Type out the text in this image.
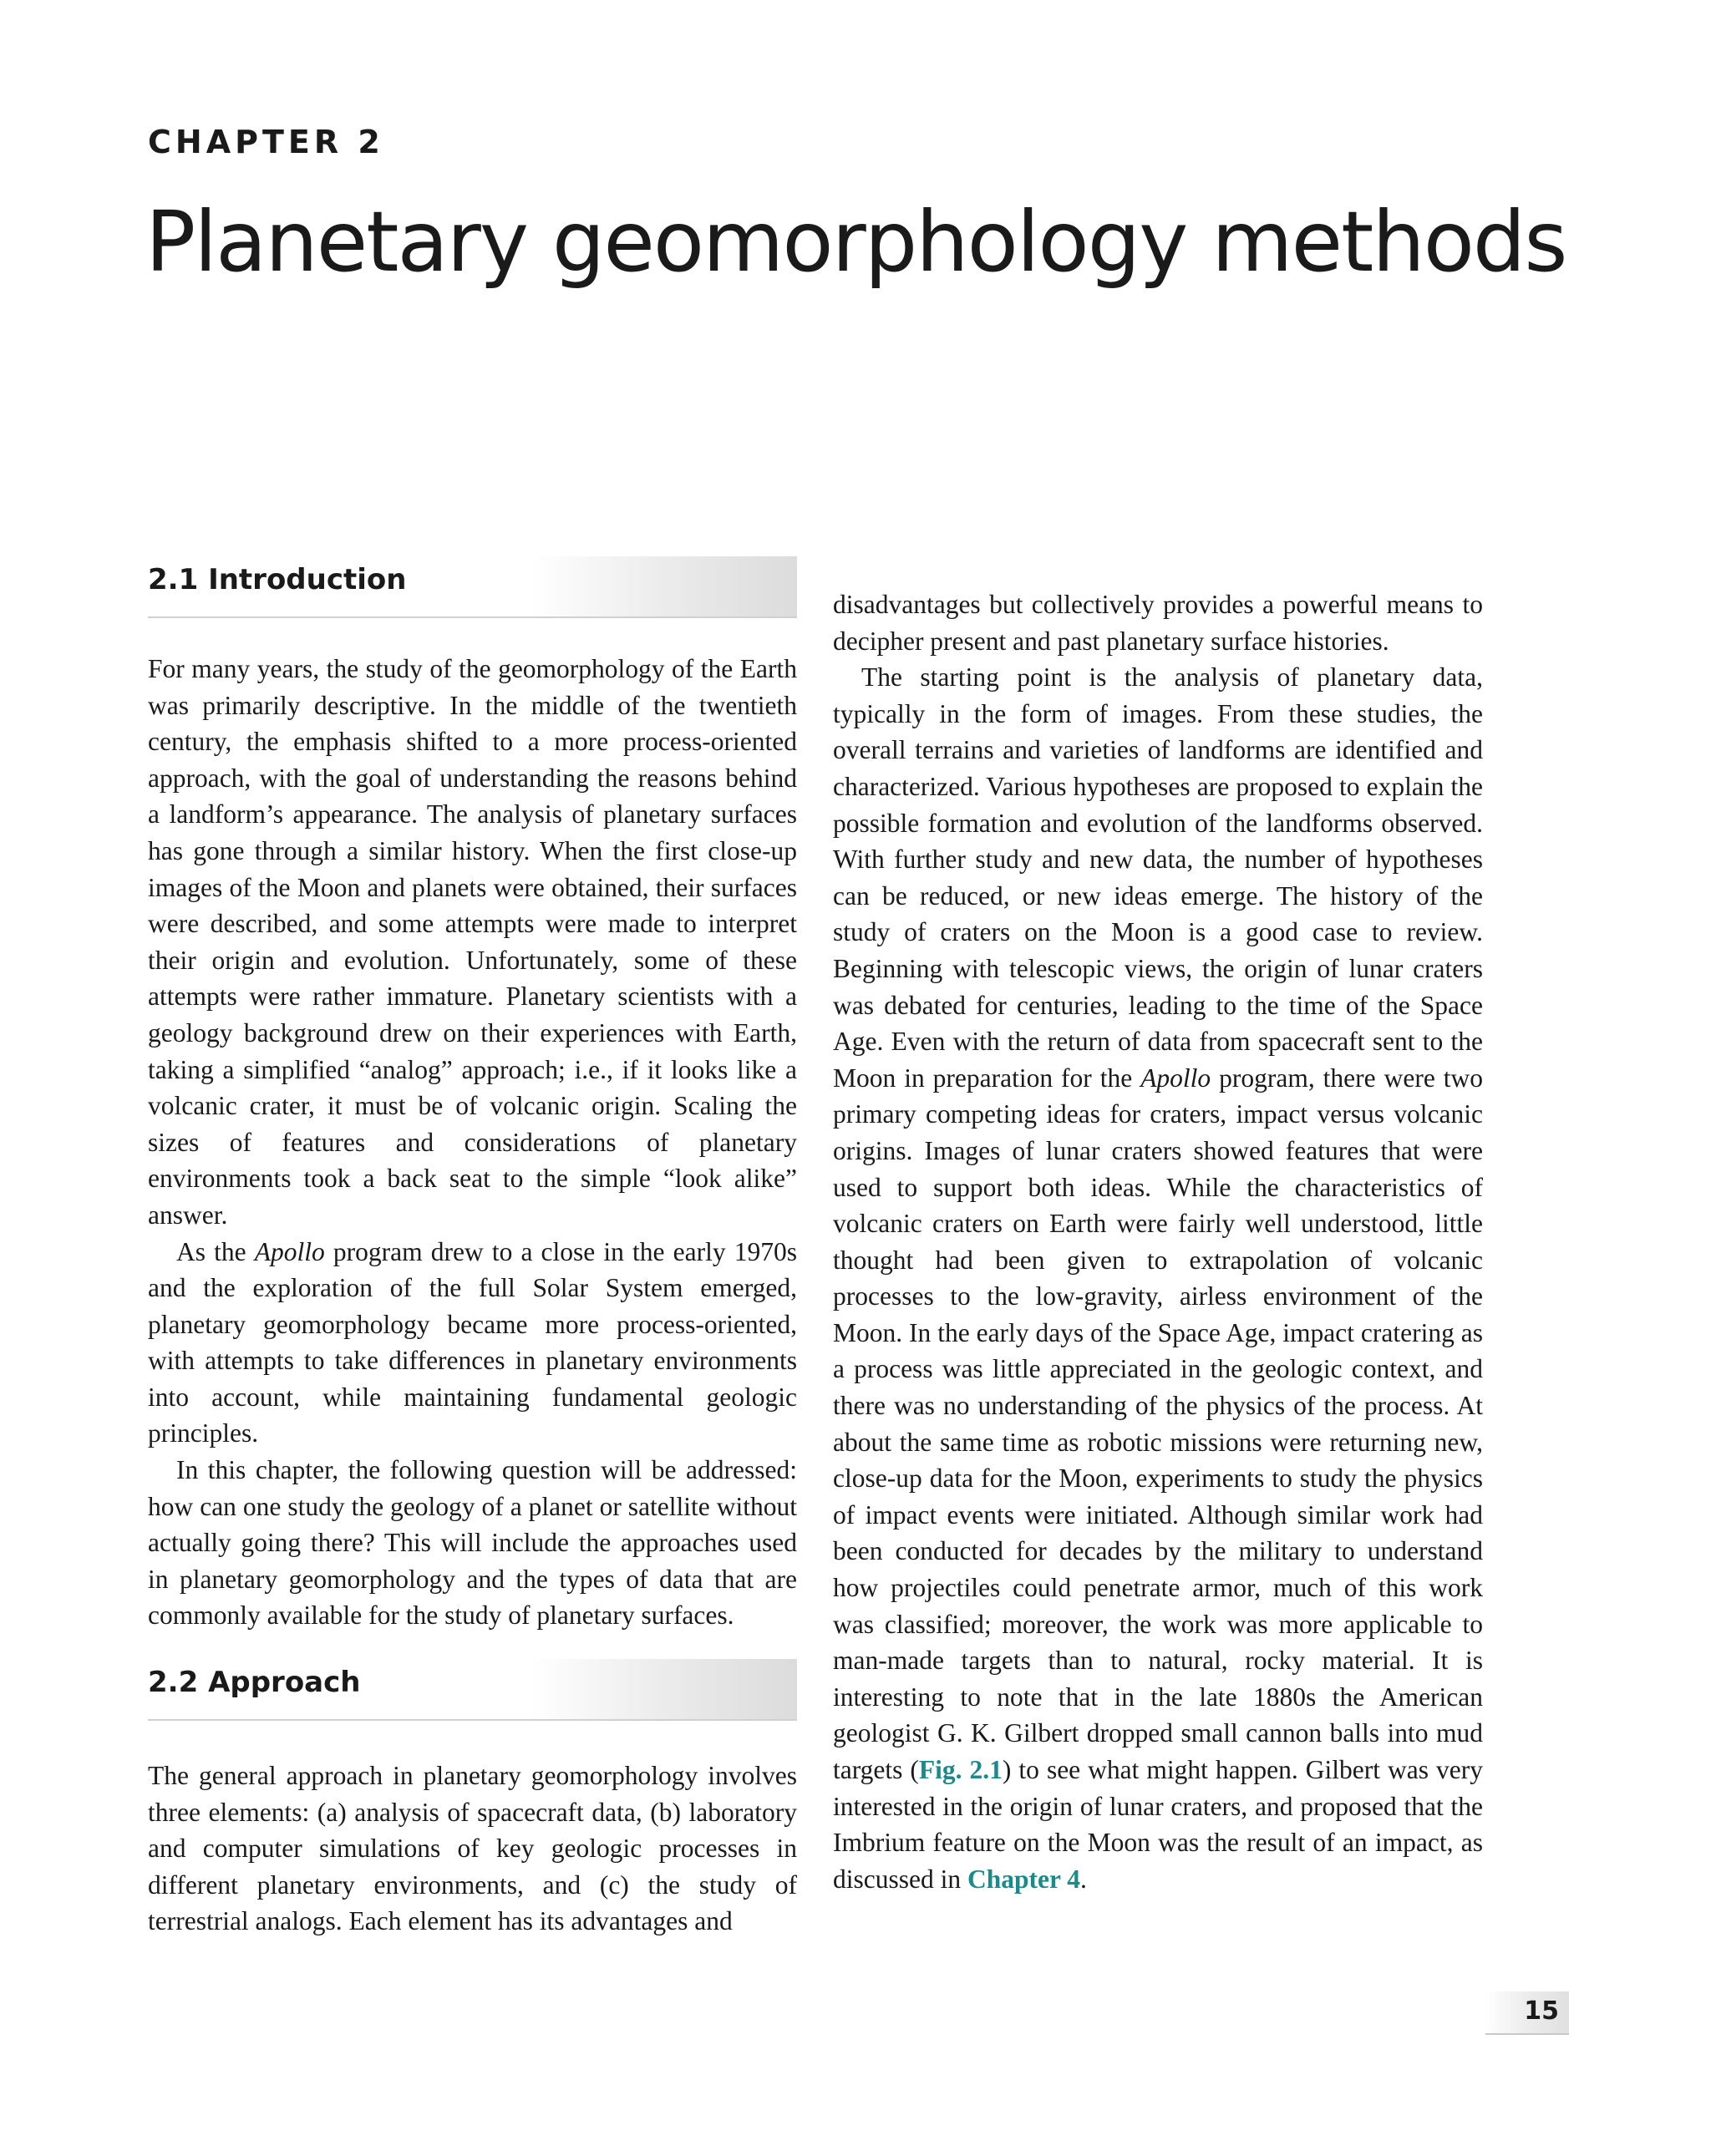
CHAPTER 2
Planetary geomorphology methods
2.1 Introduction

For many years, the study of the geomorphology of the Earth was primarily descriptive. In the middle of the twentieth century, the emphasis shifted to a more process-oriented approach, with the goal of understanding the reasons behind a landform’s appearance. The analysis of planetary surfaces has gone through a similar history. When the first close-up images of the Moon and planets were obtained, their surfaces were described, and some attempts were made to interpret their origin and evolution. Unfortunately, some of these attempts were rather immature. Planetary scientists with a geology background drew on their experiences with Earth, taking a simplified “analog” approach; i.e., if it looks like a volcanic crater, it must be of volcanic origin. Scaling the sizes of features and considerations of planetary environments took a back seat to the simple “look alike” answer.

As the Apollo program drew to a close in the early 1970s and the exploration of the full Solar System emerged, planetary geomorphology became more process-oriented, with attempts to take differences in planetary environments into account, while maintaining fundamental geologic principles.

In this chapter, the following question will be addressed: how can one study the geology of a planet or satellite without actually going there? This will include the approaches used in planetary geomorphology and the types of data that are commonly available for the study of planetary surfaces.

2.2 Approach

The general approach in planetary geomorphology involves three elements: (a) analysis of spacecraft data, (b) laboratory and computer simulations of key geologic processes in different planetary environments, and (c) the study of terrestrial analogs. Each element has its advantages and

disadvantages but collectively provides a powerful means to decipher present and past planetary surface histories.

The starting point is the analysis of planetary data, typically in the form of images. From these studies, the overall terrains and varieties of landforms are identified and characterized. Various hypotheses are proposed to explain the possible formation and evolution of the landforms observed. With further study and new data, the number of hypotheses can be reduced, or new ideas emerge. The history of the study of craters on the Moon is a good case to review. Beginning with telescopic views, the origin of lunar craters was debated for centuries, leading to the time of the Space Age. Even with the return of data from spacecraft sent to the Moon in preparation for the Apollo program, there were two primary competing ideas for craters, impact versus volcanic origins. Images of lunar craters showed features that were used to support both ideas. While the characteristics of volcanic craters on Earth were fairly well understood, little thought had been given to extrapolation of volcanic processes to the low-gravity, airless environment of the Moon. In the early days of the Space Age, impact cratering as a process was little appreciated in the geologic context, and there was no understanding of the physics of the process. At about the same time as robotic missions were returning new, close-up data for the Moon, experiments to study the physics of impact events were initiated. Although similar work had been conducted for decades by the military to understand how projectiles could penetrate armor, much of this work was classified; moreover, the work was more applicable to man-made targets than to natural, rocky material. It is interesting to note that in the late 1880s the American geologist G. K. Gilbert dropped small cannon balls into mud targets (Fig. 2.1) to see what might happen. Gilbert was very interested in the origin of lunar craters, and proposed that the Imbrium feature on the Moon was the result of an impact, as discussed in Chapter 4.

15
